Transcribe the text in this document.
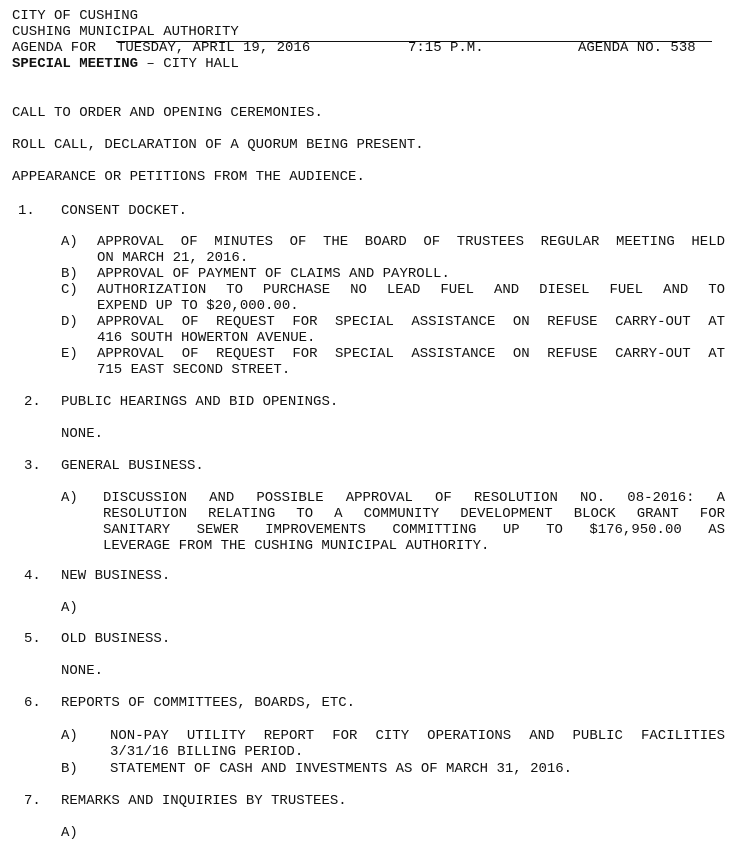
CITY OF CUSHING
CUSHING MUNICIPAL AUTHORITY
AGENDA FOR TUESDAY, APRIL 19, 2016	7:15 P.M.	AGENDA NO. 538
SPECIAL MEETING – CITY HALL
CALL TO ORDER AND OPENING CEREMONIES.
ROLL CALL, DECLARATION OF A QUORUM BEING PRESENT.
APPEARANCE OR PETITIONS FROM THE AUDIENCE.
1. CONSENT DOCKET.
A) APPROVAL OF MINUTES OF THE BOARD OF TRUSTEES REGULAR MEETING HELD
ON MARCH 21, 2016.
B) APPROVAL OF PAYMENT OF CLAIMS AND PAYROLL.
C) AUTHORIZATION TO PURCHASE NO LEAD FUEL AND DIESEL FUEL AND TO
EXPEND UP TO $20,000.00.
D) APPROVAL OF REQUEST FOR SPECIAL ASSISTANCE ON REFUSE CARRY-OUT AT
416 SOUTH HOWERTON AVENUE.
E) APPROVAL OF REQUEST FOR SPECIAL ASSISTANCE ON REFUSE CARRY-OUT AT
715 EAST SECOND STREET.
2. PUBLIC HEARINGS AND BID OPENINGS.
NONE.
3. GENERAL BUSINESS.
A) DISCUSSION AND POSSIBLE APPROVAL OF RESOLUTION NO. 08-2016: A
RESOLUTION RELATING TO A COMMUNITY DEVELOPMENT BLOCK GRANT FOR
SANITARY SEWER IMPROVEMENTS COMMITTING UP TO $176,950.00 AS
LEVERAGE FROM THE CUSHING MUNICIPAL AUTHORITY.
4. NEW BUSINESS.
A)
5. OLD BUSINESS.
NONE.
6. REPORTS OF COMMITTEES, BOARDS, ETC.
A) NON-PAY UTILITY REPORT FOR CITY OPERATIONS AND PUBLIC FACILITIES
3/31/16 BILLING PERIOD.
B) STATEMENT OF CASH AND INVESTMENTS AS OF MARCH 31, 2016.
7. REMARKS AND INQUIRIES BY TRUSTEES.
A)
